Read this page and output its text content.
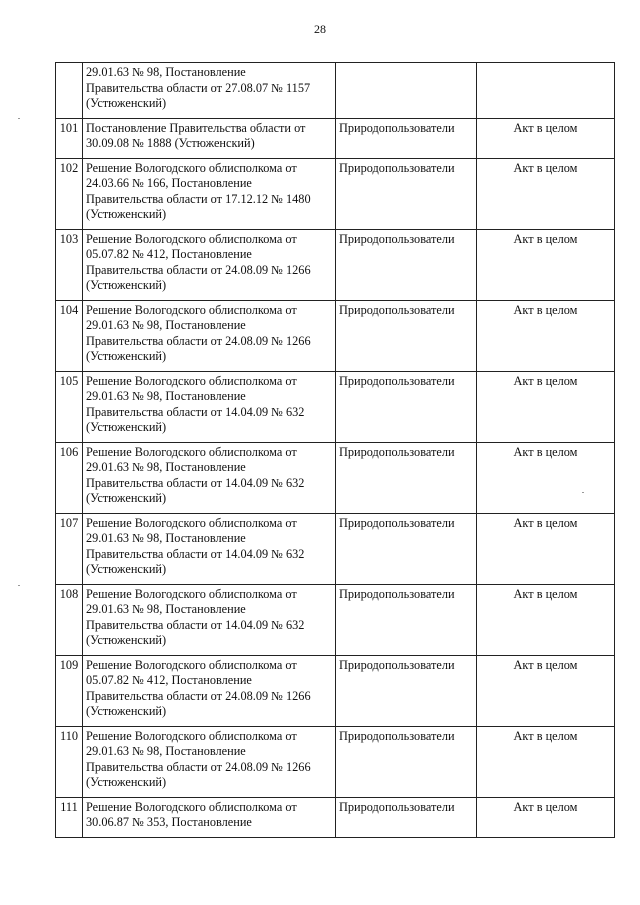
28

	29.01.63 № 98, Постановление
Правительства области от 27.08.07 № 1157
(Устюженский)		

101	Постановление Правительства области от
30.09.08 № 1888 (Устюженский)	Природопользователи	Акт в целом
102	Решение Вологодского облисполкома от
24.03.66 № 166, Постановление
Правительства области от 17.12.12 № 1480
(Устюженский)	Природопользователи	Акт в целом
103	Решение Вологодского облисполкома от
05.07.82 № 412, Постановление
Правительства области от 24.08.09 № 1266
(Устюженский)	Природопользователи	Акт в целом
104	Решение Вологодского облисполкома от
29.01.63 № 98, Постановление
Правительства области от 24.08.09 № 1266
(Устюженский)	Природопользователи	Акт в целом
105	Решение Вологодского облисполкома от
29.01.63 № 98, Постановление
Правительства области от 14.04.09 № 632
(Устюженский)	Природопользователи	Акт в целом
106	Решение Вологодского облисполкома от
29.01.63 № 98, Постановление
Правительства области от 14.04.09 № 632
(Устюженский)	Природопользователи	Акт в целом
107	Решение Вологодского облисполкома от
29.01.63 № 98, Постановление
Правительства области от 14.04.09 № 632
(Устюженский)	Природопользователи	Акт в целом
108	Решение Вологодского облисполкома от
29.01.63 № 98, Постановление
Правительства области от 14.04.09 № 632
(Устюженский)	Природопользователи	Акт в целом
109	Решение Вологодского облисполкома от
05.07.82 № 412, Постановление
Правительства области от 24.08.09 № 1266
(Устюженский)	Природопользователи	Акт в целом
110	Решение Вологодского облисполкома от
29.01.63 № 98, Постановление
Правительства области от 24.08.09 № 1266
(Устюженский)	Природопользователи	Акт в целом
111	Решение Вологодского облисполкома от
30.06.87 № 353, Постановление	Природопользователи	Акт в целом
